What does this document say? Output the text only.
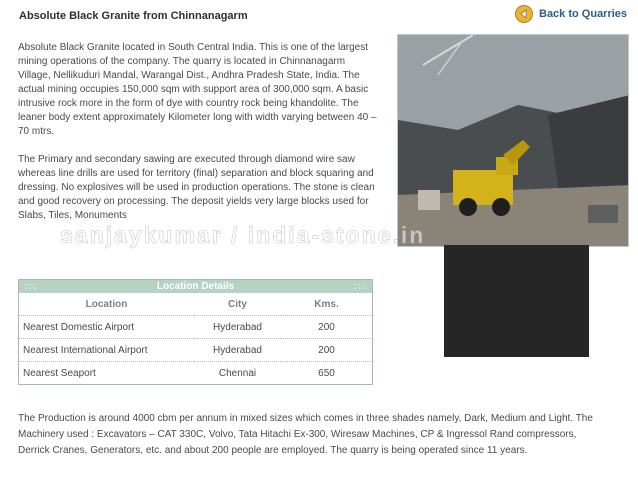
Absolute Black Granite from Chinnanagarm	Back to Quarries

Absolute Black Granite located in South Central India. This is one of the largest mining operations of the company. The quarry is located in Chinnanagarm Village, Nellikuduri Mandal, Warangal Dist., Andhra Pradesh State, India. The actual mining occupies 150,000 sqm with support area of 300,000 sqm. A basic intrusive rock more in the form of dye with country rock being khandolite. The leaner body extent approximately Kilometer long with width varying between 40 – 70 mtrs.

The Primary and secondary sawing are executed through diamond wire saw whereas line drills are used for territory (final) separation and block squaring and dressing. No explosives will be used in production operations. The stone is clean and good recovery on processing. The deposit yields very large blocks used for Slabs, Tiles, Monuments

sanjaykumar / india-stone.in
:::	Location Details	:::
Location	City	Kms.
Nearest Domestic Airport	Hyderabad	200
Nearest International Airport	Hyderabad	200
Nearest Seaport	Chennai	650

The Production is around 4000 cbm per annum in mixed sizes which comes in three shades namely, Dark, Medium and Light. The Machinery used : Excavators – CAT 330C, Volvo, Tata Hitachi Ex-300, Wiresaw Machines, CP & Ingressol Rand compressors, Derrick Cranes, Generators, etc. and about 200 people are employed. The quarry is being operated since 11 years.
